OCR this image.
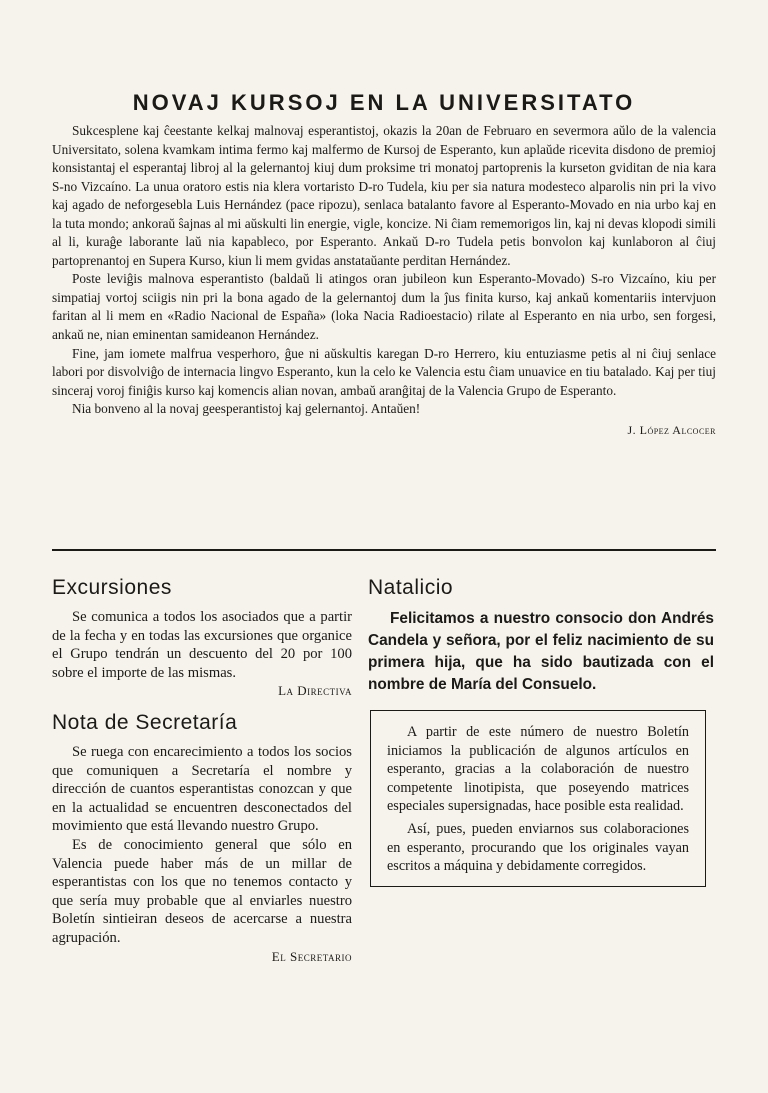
NOVAJ KURSOJ EN LA UNIVERSITATO

Sukcesplene kaj ĉeestante kelkaj malnovaj esperantistoj, okazis la 20an de Februaro en severmora aŭlo de la valencia Universitato, solena kvamkam intima fermo kaj malfermo de Kursoj de Esperanto, kun aplaŭde ricevita disdono de premioj konsistantaj el esperantaj libroj al la gelernantoj kiuj dum proksime tri monatoj partoprenis la kurseton gviditan de nia kara S-no Vizcaíno. La unua oratoro estis nia klera vortaristo D-ro Tudela, kiu per sia natura modesteco alparolis nin pri la vivo kaj agado de neforgesebla Luis Hernández (pace ripozu), senlaca batalanto favore al Esperanto-Movado en nia urbo kaj en la tuta mondo; ankoraŭ ŝajnas al mi aŭskulti lin energie, vigle, koncize. Ni ĉiam rememorigos lin, kaj ni devas klopodi simili al li, kuraĝe laborante laŭ nia kapableco, por Esperanto. Ankaŭ D-ro Tudela petis bonvolon kaj kunlaboron al ĉiuj partoprenantoj en Supera Kurso, kiun li mem gvidas anstataŭante perditan Hernández.

Poste leviĝis malnova esperantisto (baldaŭ li atingos oran jubileon kun Esperanto-Movado) S-ro Vizcaíno, kiu per simpatiaj vortoj sciigis nin pri la bona agado de la gelernantoj dum la ĵus finita kurso, kaj ankaŭ komentariis intervjuon faritan al li mem en «Radio Nacional de España» (loka Nacia Radioestacio) rilate al Esperanto en nia urbo, sen forgesi, ankaŭ ne, nian eminentan samideanon Hernández.

Fine, jam iomete malfrua vesperhoro, ĝue ni aŭskultis karegan D-ro Herrero, kiu entuziasme petis al ni ĉiuj senlace labori por disvolviĝo de internacia lingvo Esperanto, kun la celo ke Valencia estu ĉiam unuavice en tiu batalado. Kaj per tiuj sinceraj voroj finiĝis kurso kaj komencis alian novan, ambaŭ aranĝitaj de la Valencia Grupo de Esperanto.

Nia bonveno al la novaj geesperantistoj kaj gelernantoj. Antaŭen!

J. López Alcocer

Excursiones

Se comunica a todos los asociados que a partir de la fecha y en todas las excursiones que organice el Grupo tendrán un descuento del 20 por 100 sobre el importe de las mismas.

La Directiva

Nota de Secretaría

Se ruega con encarecimiento a todos los socios que comuniquen a Secretaría el nombre y dirección de cuantos esperantistas conozcan y que en la actualidad se encuentren desconectados del movimiento que está llevando nuestro Grupo.

Es de conocimiento general que sólo en Valencia puede haber más de un millar de esperantistas con los que no tenemos contacto y que sería muy probable que al enviarles nuestro Boletín sintieiran deseos de acercarse a nuestra agrupación.

El Secretario

Natalicio

Felicitamos a nuestro consocio don Andrés Candela y señora, por el feliz nacimiento de su primera hija, que ha sido bautizada con el nombre de María del Consuelo.

A partir de este número de nuestro Boletín iniciamos la publicación de algunos artículos en esperanto, gracias a la colaboración de nuestro competente linotipista, que poseyendo matrices especiales supersignadas, hace posible esta realidad.

Así, pues, pueden enviarnos sus colaboraciones en esperanto, procurando que los originales vayan escritos a máquina y debidamente corregidos.
